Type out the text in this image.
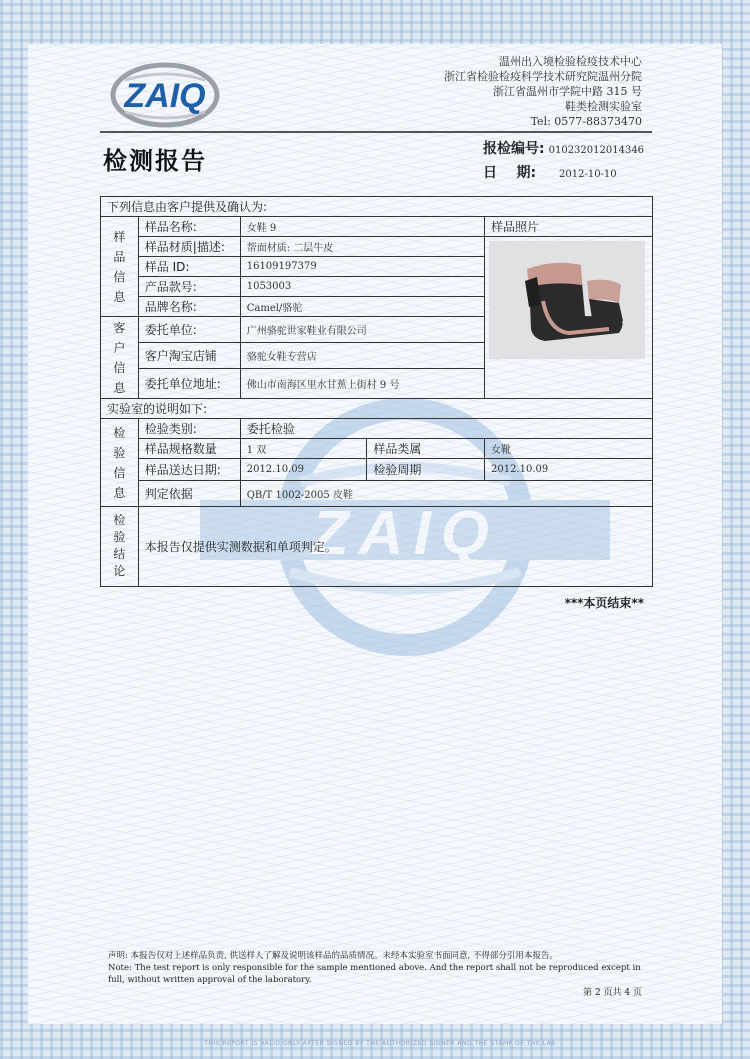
ZAIQ
ZAIQ
温州出入境检验检疫技术中心
浙江省检验检疫科学技术研究院温州分院
浙江省温州市学院中路 315 号
鞋类检测实验室
Tel: 0577-88373470
检测报告	报检编号: 010232012014346
日    期: 2012-10-10
下列信息由客户提供及确认为:				
样品信息	样品名称:	女鞋 9		样品照片
	样品材质|描述:	帮面材质: 二层牛皮	

	样品 ID:	16109197379		
	产品款号:	1053003		
	品牌名称:	Camel/骆驼		
客户信息	委托单位:	广州骆驼世家鞋业有限公司		
	客户淘宝店铺	骆驼女鞋专营店		
	委托单位地址:	佛山市南海区里水甘蕉上街村 9 号		
实验室的说明如下:				
检验信息	检验类别:	委托检验		
	样品规格数量	1 双	样品类属	女靴
	样品送达日期:	2012.10.09	检验周期	2012.10.09
	判定依据	QB/T 1002-2005 皮鞋		
检验结论	本报告仅提供实测数据和单项判定。			
***本页结束**
声明: 本报告仅对上述样品负责, 供送样人了解及说明该样品的品质情况。未经本实验室书面同意, 不得部分引用本报告。
Note: The test report is only responsible for the sample mentioned above. And the report shall not be reproduced except in full, without written approval of the laboratory.
第 2 页共 4 页
THIS REPORT IS VALID ONLY AFTER SIGNED BY THE AUTHORIZED SIGNER AND THE STAMP OF THE LAB
